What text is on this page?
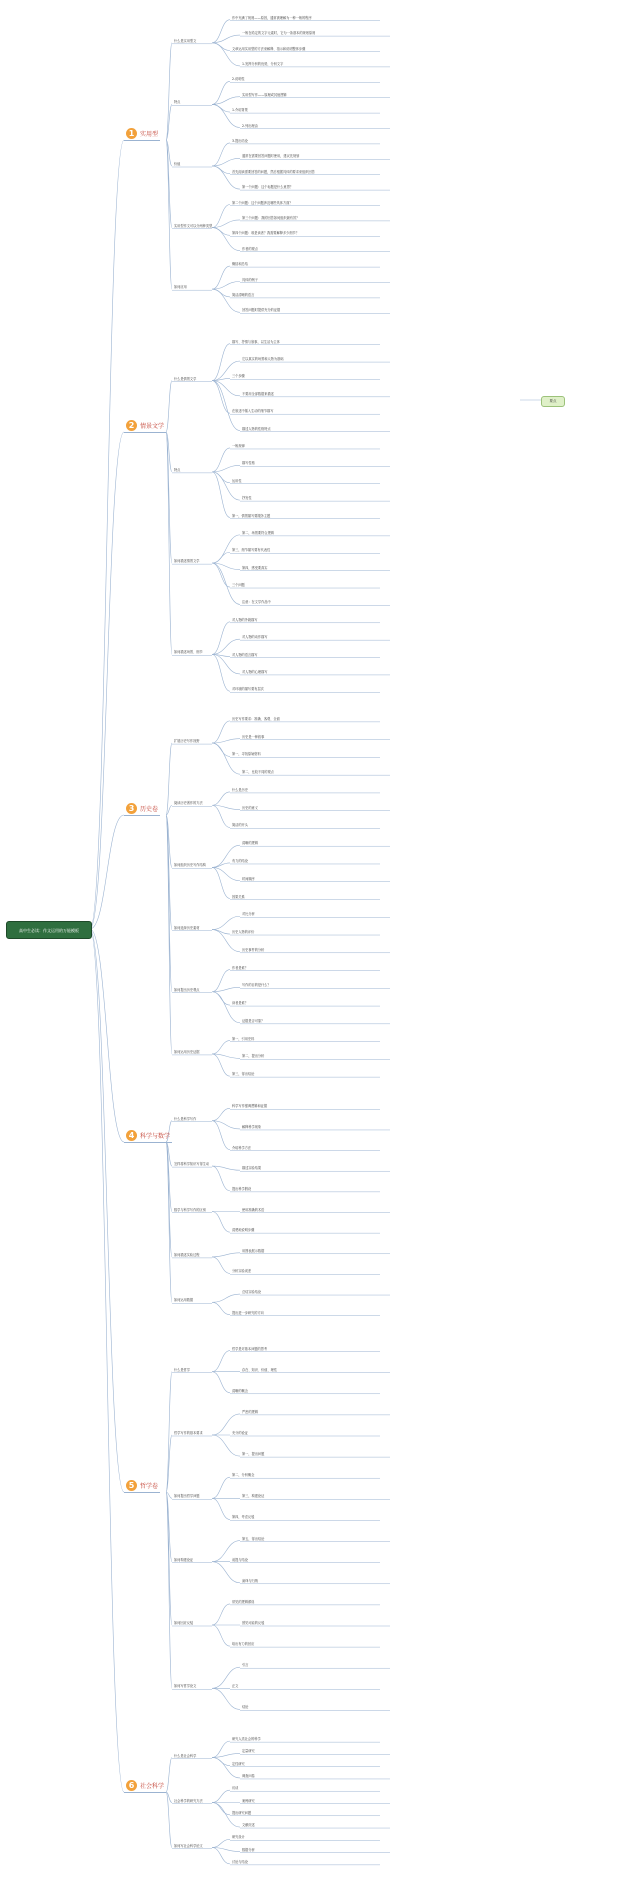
高中生必读：作文运用的万能模板
1 实用型
2 情景文学
3 历史卷
4 科学与数学
5 哲学卷
6 社会科学
要点
什么是实用型文
特点
价值
实用型作文可以分两种类型
如何应用
作中充满了规则——原因，通常被理解为一种一般的程序
一般在给定的文字元素时，它为一条基本的规划原则
文章运用实用型的方法来解释、指示和说明整体步骤
1.发挥分析的优势，分析文字
2.说明性
实用型写作——原理或其他逻辑
1.介绍背景
2.列出理由
3.提出结论
通常在需要回答问题时使用，建议先规划
首先阅读需要回答的问题，然后根据具体的要求来组织回答
第一个问题：这个标题是什么意思？
第二个问题：这个问题涉及哪些具体方面？
第三个问题：我的回答如何组织最有效？
第四个问题：谁是读者？我需要解释多少细节？
作者的观点
概括和总结
具体的例子
简洁清晰的语言
回答问题时提供充分的证据
什么是情景文学
特点
如何描述情景文学
如何描述场景、细节
描写、抒情与叙事，以生活为主体
它以真实的场景和人物为基础
三个步骤
不要用全部数据来描述
在叙述中插入生动的细节描写
描述人物的性格特点
一般规律
描写性格
运用性
抒发性
第一，情景描写要服务主题
第二，场景要符合逻辑
第三，细节描写要有代表性
第四，感受要真实
三个问题
注意：在文学作品中
对人物的外貌描写
对人物的动作描写
对人物的语言描写
对人物的心理描写
对环境的描写要有层次
扩展历史写作视野
阅读历史著作的方法
如何组织历史写作结构
如何选择历史素材
如何提出历史观点
如何运用历史证据
历史写作要求：准确、客观、全面
历史是一种叙事
第一，寻找原始资料
第二，比较不同的观点
什么是历史
历史的意义
简洁的开头
清晰的逻辑
有力的结论
时间顺序
因果关系
对比分析
历史人物的评价
历史事件的分析
作者是谁？
写作的目的是什么？
读者是谁？
证据是否可靠？
第一，引用史料
第二，提出分析
第三，得出结论
什么是科学写作
怎样将科学知识写得生动
数学与科学写作的区别
如何描述实验过程
如何运用数据
科学写作强调逻辑和证据
解释科学现象
介绍科学方法
描述实验结果
提出科学假设
使用准确的术语
清楚地说明步骤
用图表展示数据
分析实验误差
总结实验结论
提出进一步研究的方向
什么是哲学
哲学写作的基本要求
如何提出哲学问题
如何构建论证
如何回应反驳
如何写哲学论文
哲学是对基本问题的思考
存在、知识、价值、理性
清晰的概念
严密的逻辑
充分的论证
第一，提出问题
第二，分析概念
第三，构建论证
第四，考虑反驳
第五，得出结论
前提与结论
演绎与归纳
常见的逻辑谬误
预见可能的反驳
给出有力的回应
引言
正文
结论
什么是社会科学
社会科学的研究方法
如何写社会科学论文
研究人类社会的科学
定量研究
定性研究
调查问卷
访谈
案例研究
提出研究问题
文献综述
研究设计
数据分析
讨论与结论
